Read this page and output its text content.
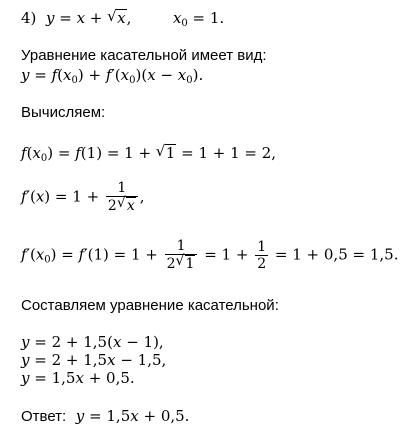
4) y = x + √ x,  $x_0 = 1$.
Уравнение касательной имеет вид:
$y = f(x_0) + f'(x_0)(x - x_0)$.
Вычисляем:
$f(x_0) = f(1) = 1$ + √ 1 = 1 + 1 = 2,
$f'(x) = 1 + \frac{1}{2 √ x}$ ,
$f'(x_0) = f'(1) = 1 + \frac{1}{2 √ 1} = 1 + \frac{1}{2} = 1 + 0,5 = 1,5$.
Составляем уравнение касательной:
y = 2 + 1,5(x − 1),
y = 2 + 1,5x − 1,5,
y = 1,5x + 0,5.
Ответ: y = 1,5x + 0,5.
